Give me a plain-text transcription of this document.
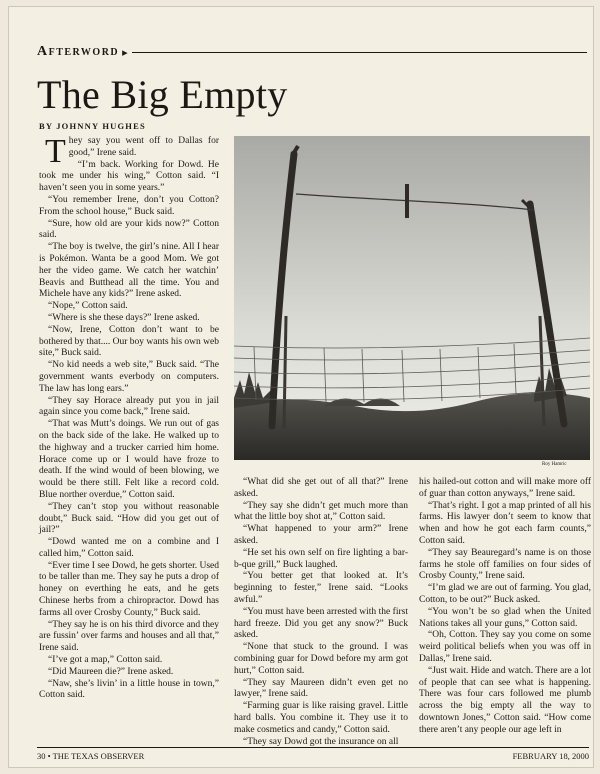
Afterword ▸
The Big Empty
BY JOHNNY HUGHES

They say you went off to Dallas for good,” Irene said.

“I’m back. Working for Dowd. He took me under his wing,” Cotton said. “I haven’t seen you in some years.”

“You remember Irene, don’t you Cotton? From the school house,” Buck said.

“Sure, how old are your kids now?” Cotton said.

“The boy is twelve, the girl’s nine. All I hear is Pokémon. Wanta be a good Mom. We got her the video game. We catch her watchin’ Beavis and Butthead all the time. You and Michele have any kids?” Irene asked.

“Nope,” Cotton said.

“Where is she these days?” Irene asked.

“Now, Irene, Cotton don’t want to be bothered by that.... Our boy wants his own web site,” Buck said.

“No kid needs a web site,” Buck said. “The government wants everbody on computers. The law has long ears.”

“They say Horace already put you in jail again since you come back,” Irene said.

“That was Mutt’s doings. We run out of gas on the back side of the lake. He walked up to the highway and a trucker carried him home. Horace come up or I would have froze to death. If the wind would of been blowing, we would be there still. Felt like a record cold. Blue norther overdue,” Cotton said.

“They can’t stop you without reasonable doubt,” Buck said. “How did you get out of jail?”

“Dowd wanted me on a combine and I called him,” Cotton said.

“Ever time I see Dowd, he gets shorter. Used to be taller than me. They say he puts a drop of honey on everthing he eats, and he gets Chinese herbs from a chiropractor. Dowd has farms all over Crosby County,” Buck said.

“They say he is on his third divorce and they are fussin’ over farms and houses and all that,” Irene said.

“I’ve got a map,” Cotton said.

“Did Maureen die?” Irene asked.

“Naw, she’s livin’ in a little house in town,” Cotton said.

Roy Hamric

“What did she get out of all that?” Irene asked.

“They say she didn’t get much more than what the little boy shot at,” Cotton said.

“What happened to your arm?” Irene asked.

“He set his own self on fire lighting a bar-b-que grill,” Buck laughed.

“You better get that looked at. It’s beginning to fester,” Irene said. “Looks awful.”

“You must have been arrested with the first hard freeze. Did you get any snow?” Buck asked.

“None that stuck to the ground. I was combining guar for Dowd before my arm got hurt,” Cotton said.

“They say Maureen didn’t even get no lawyer,” Irene said.

“Farming guar is like raising gravel. Little hard balls. You combine it. They use it to make cosmetics and candy,” Cotton said.

“They say Dowd got the insurance on all

his hailed-out cotton and will make more off of guar than cotton anyways,” Irene said.

“That’s right. I got a map printed of all his farms. His lawyer don’t seem to know that when and how he got each farm counts,” Cotton said.

“They say Beauregard’s name is on those farms he stole off families on four sides of Crosby County,” Irene said.

“I’m glad we are out of farming. You glad, Cotton, to be out?” Buck asked.

“You won’t be so glad when the United Nations takes all your guns,” Cotton said.

“Oh, Cotton. They say you come on some weird political beliefs when you was off in Dallas,” Irene said.

“Just wait. Hide and watch. There are a lot of people that can see what is happening. There was four cars followed me plumb across the big empty all the way to downtown Jones,” Cotton said. “How come there aren’t any people our age left in

30 • THE TEXAS OBSERVER	FEBRUARY 18, 2000
